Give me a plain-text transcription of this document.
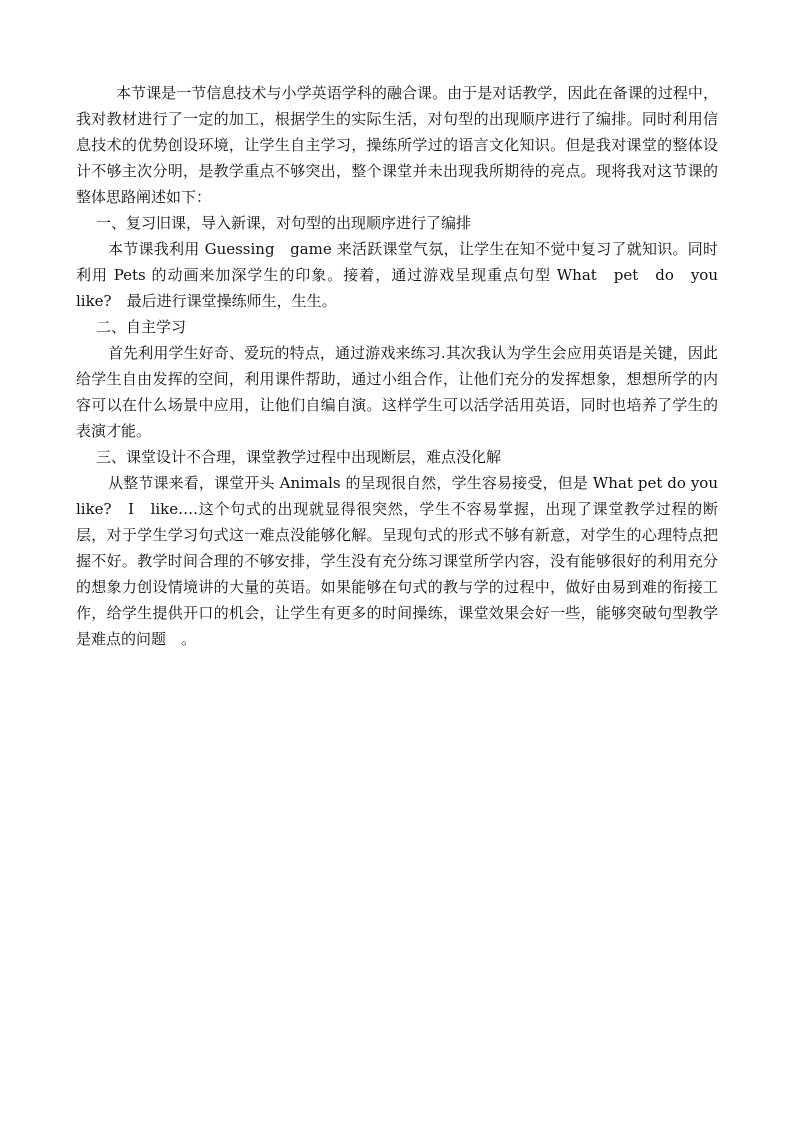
本节课是一节信息技术与小学英语学科的融合课。由于是对话教学，因此在备课的过程中，我对教材进行了一定的加工，根据学生的实际生活，对句型的出现顺序进行了编排。同时利用信息技术的优势创设环境，让学生自主学习，操练所学过的语言文化知识。但是我对课堂的整体设计不够主次分明，是教学重点不够突出，整个课堂并未出现我所期待的亮点。现将我对这节课的整体思路阐述如下：

一、复习旧课，导入新课，对句型的出现顺序进行了编排

本节课我利用 Guessing　game 来活跃课堂气氛，让学生在知不觉中复习了就知识。同时利用 Pets 的动画来加深学生的印象。接着，通过游戏呈现重点句型 What　pet　do　you　like?　最后进行课堂操练师生，生生。

二、自主学习

首先利用学生好奇、爱玩的特点，通过游戏来练习.其次我认为学生会应用英语是关键，因此给学生自由发挥的空间，利用课件帮助，通过小组合作，让他们充分的发挥想象，想想所学的内容可以在什么场景中应用，让他们自编自演。这样学生可以活学活用英语，同时也培养了学生的表演才能。

三、课堂设计不合理，课堂教学过程中出现断层，难点没化解

从整节课来看，课堂开头 Animals 的呈现很自然，学生容易接受，但是 What pet do you like?　I　like….这个句式的出现就显得很突然，学生不容易掌握，出现了课堂教学过程的断层，对于学生学习句式这一难点没能够化解。呈现句式的形式不够有新意，对学生的心理特点把握不好。教学时间合理的不够安排，学生没有充分练习课堂所学内容，没有能够很好的利用充分的想象力创设情境讲的大量的英语。如果能够在句式的教与学的过程中，做好由易到难的衔接工作，给学生提供开口的机会，让学生有更多的时间操练，课堂效果会好一些，能够突破句型教学是难点的问题　。
